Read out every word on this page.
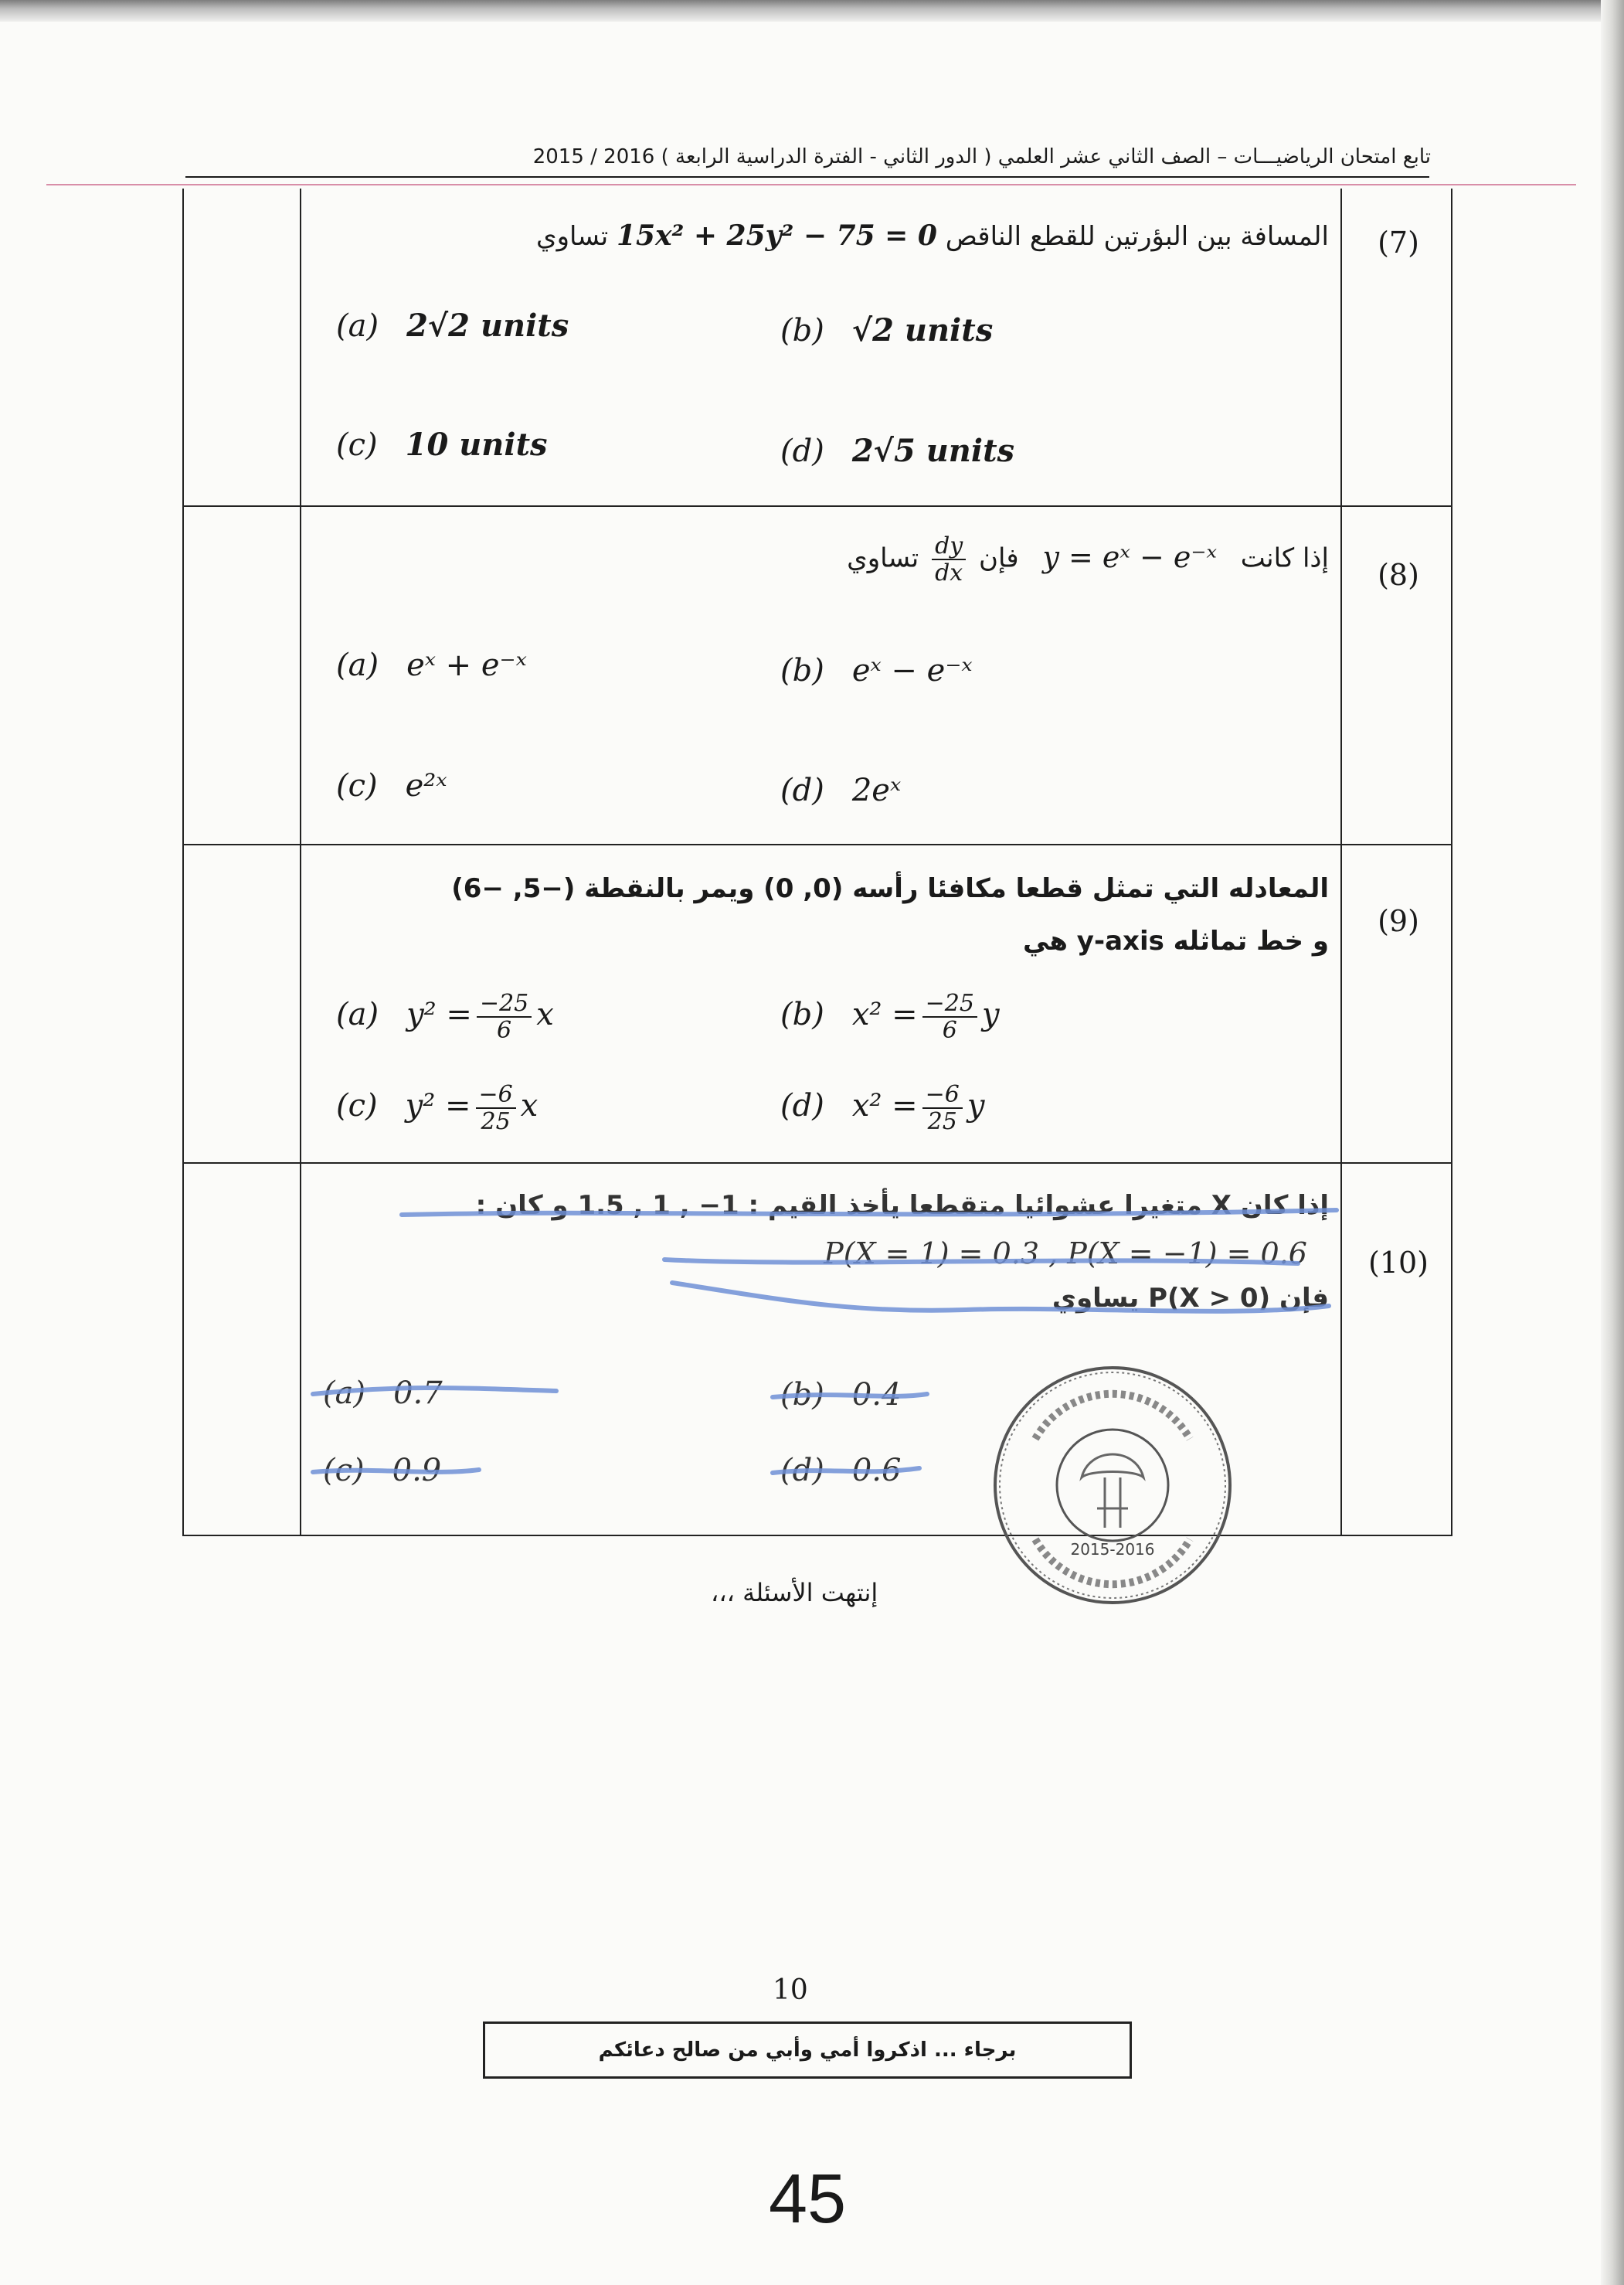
تابع امتحان الرياضيـــات – الصف الثاني عشر العلمي ( الدور الثاني - الفترة الدراسية الرابعة ) 2016 / 2015
(7)
المسافة بين البؤرتين للقطع الناقص 15x² + 25y² − 75 = 0 تساوي
(a) 2√2 units	(b) √2 units
(c) 10 units	(d) 2√5 units
(8)
إذا كانت y = eˣ − e⁻ˣ فإن
$\frac{dy}{dx}$
تساوي
(a) eˣ + e⁻ˣ	(b) eˣ − e⁻ˣ
(c) e²ˣ	(d) 2eˣ
(9)
المعادله التي تمثل قطعا مكافئا رأسه (0, 0) ويمر بالنقطة (−5, −6)
و خط تماثله y-axis هي
(a) $y^2 = \frac{-25}{6}$ x	(b) $x^2 = \frac{-25}{6}$ y
(c) $y^2 = \frac{-6}{25}$ x	(d) $x^2 = \frac{-6}{25}$ y
(10)
إذا كان X متغيرا عشوائيا متقطعا يأخذ القيم : 1− , 1 , 1.5 و كان :
P(X = 1) = 0.3 , P(X = −1) = 0.6
فإن P(X > 0) يساوي
(a) 0.7	(b) 0.4
(c) 0.9	(d) 0.6
2015-2016
إنتهت الأسئلة ،،،
10
برجاء ... اذكروا أمي وأبي من صالح دعائكم
45
